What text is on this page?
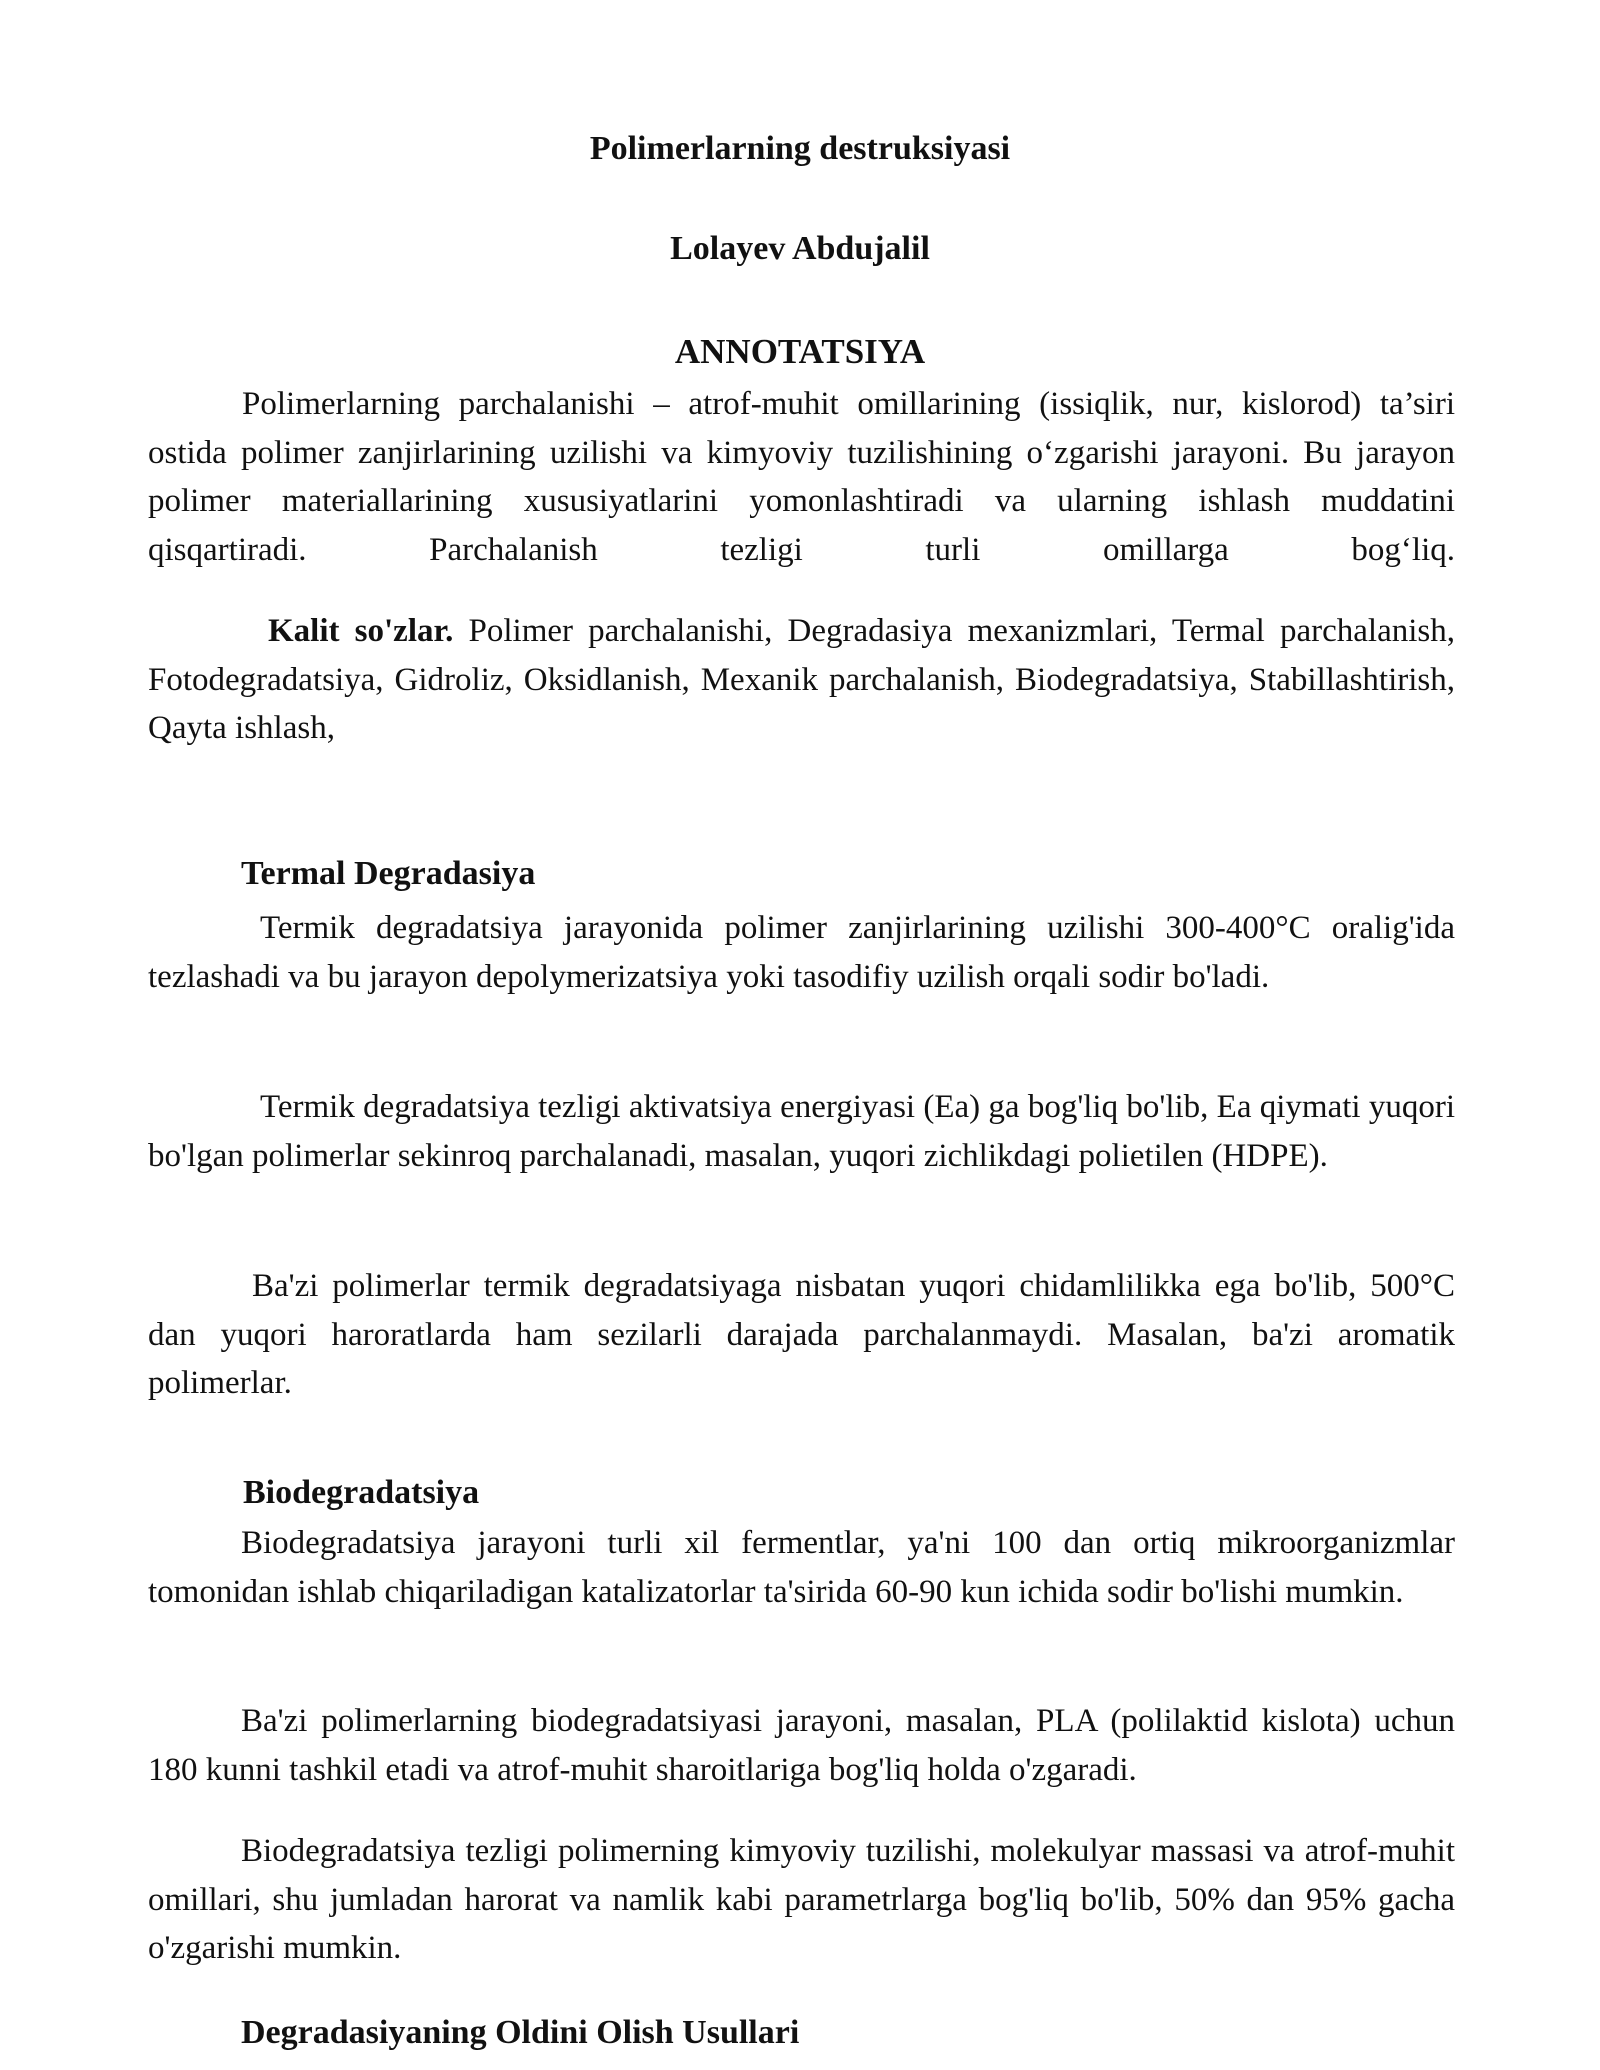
Polimerlarning destruksiyasi
Lolayev Abdujalil
ANNOTATSIYA

Polimerlarning parchalanishi – atrof-muhit omillarining (issiqlik, nur, kislorod) ta’siri ostida polimer zanjirlarining uzilishi va kimyoviy tuzilishining o‘zgarishi jarayoni. Bu jarayon polimer materiallarining xususiyatlarini yomonlashtiradi va ularning ishlash muddatini qisqartiradi. Parchalanish tezligi turli omillarga bog‘liq.

Kalit so'zlar. Polimer parchalanishi, Degradasiya mexanizmlari, Termal parchalanish, Fotodegradatsiya, Gidroliz, Oksidlanish, Mexanik parchalanish, Biodegradatsiya, Stabillashtirish, Qayta ishlash,

Termal Degradasiya

Termik degradatsiya jarayonida polimer zanjirlarining uzilishi 300-400°C oralig'ida tezlashadi va bu jarayon depolymerizatsiya yoki tasodifiy uzilish orqali sodir bo'ladi.

Termik degradatsiya tezligi aktivatsiya energiyasi (Ea) ga bog'liq bo'lib, Ea qiymati yuqori bo'lgan polimerlar sekinroq parchalanadi, masalan, yuqori zichlikdagi polietilen (HDPE).

Ba'zi polimerlar termik degradatsiyaga nisbatan yuqori chidamlilikka ega bo'lib, 500°C dan yuqori haroratlarda ham sezilarli darajada parchalanmaydi. Masalan, ba'zi aromatik polimerlar.

Biodegradatsiya

Biodegradatsiya jarayoni turli xil fermentlar, ya'ni 100 dan ortiq mikroorganizmlar tomonidan ishlab chiqariladigan katalizatorlar ta'sirida 60-90 kun ichida sodir bo'lishi mumkin.

Ba'zi polimerlarning biodegradatsiyasi jarayoni, masalan, PLA (polilaktid kislota) uchun 180 kunni tashkil etadi va atrof-muhit sharoitlariga bog'liq holda o'zgaradi.

Biodegradatsiya tezligi polimerning kimyoviy tuzilishi, molekulyar massasi va atrof-muhit omillari, shu jumladan harorat va namlik kabi parametrlarga bog'liq bo'lib, 50% dan 95% gacha o'zgarishi mumkin.

Degradasiyaning Oldini Olish Usullari
